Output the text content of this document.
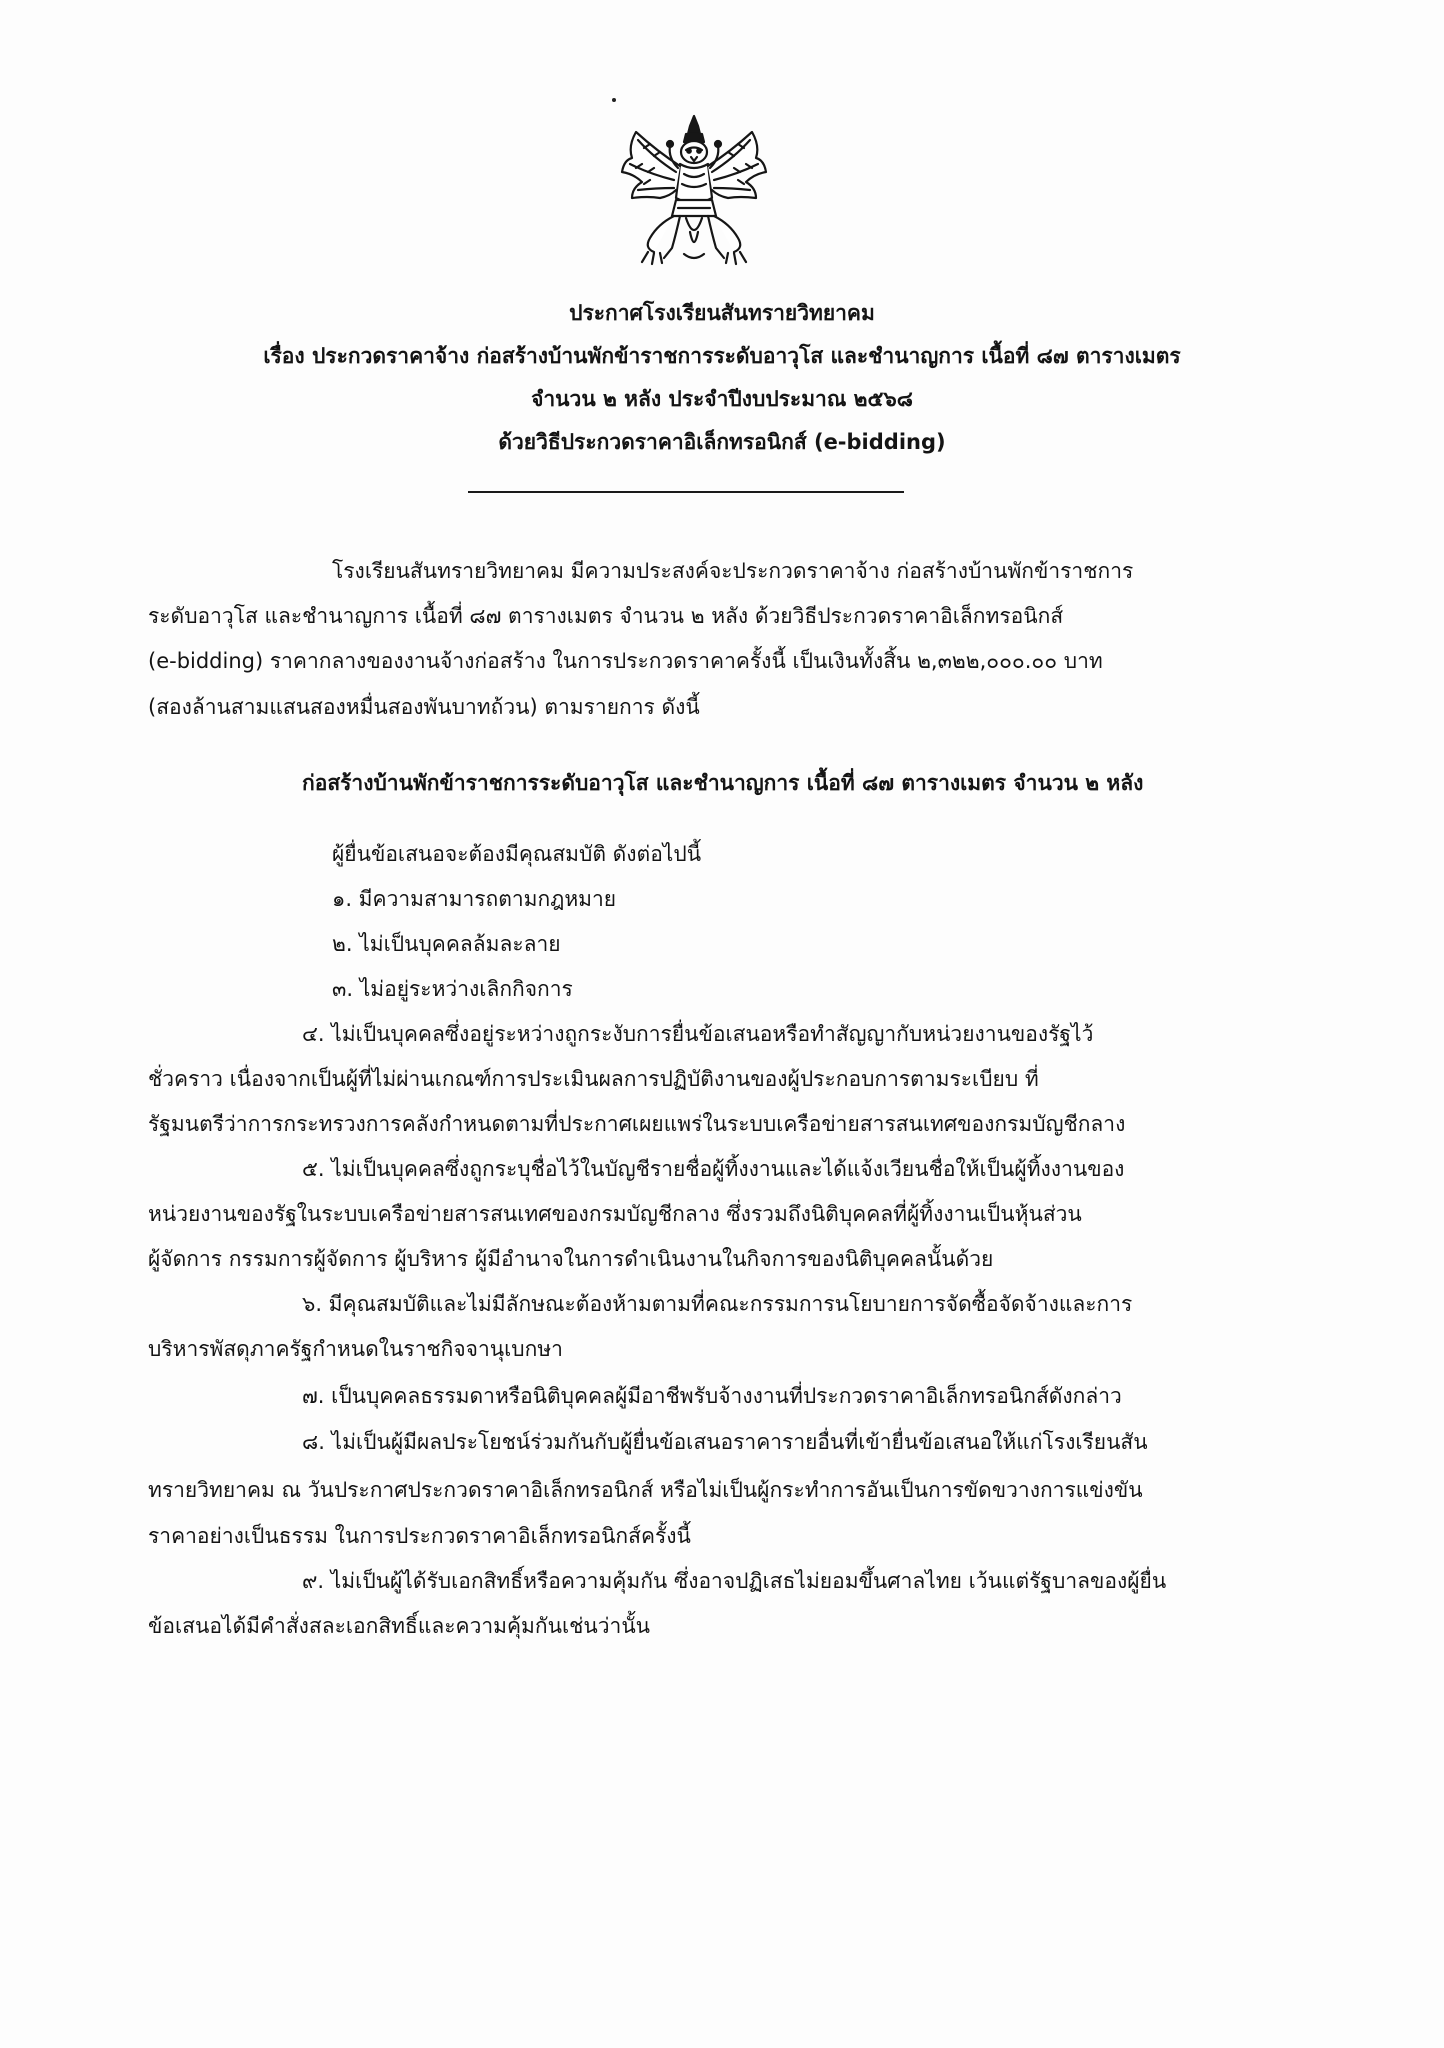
ประกาศโรงเรียนสันทรายวิทยาคม
เรื่อง ประกวดราคาจ้าง ก่อสร้างบ้านพักข้าราชการระดับอาวุโส และชำนาญการ เนื้อที่ ๘๗ ตารางเมตร
จำนวน ๒ หลัง ประจำปีงบประมาณ ๒๕๖๘
ด้วยวิธีประกวดราคาอิเล็กทรอนิกส์ (e-bidding)
โรงเรียนสันทรายวิทยาคม มีความประสงค์จะประกวดราคาจ้าง ก่อสร้างบ้านพักข้าราชการ
ระดับอาวุโส และชำนาญการ เนื้อที่ ๘๗ ตารางเมตร จำนวน ๒ หลัง ด้วยวิธีประกวดราคาอิเล็กทรอนิกส์
(e-bidding) ราคากลางของงานจ้างก่อสร้าง ในการประกวดราคาครั้งนี้ เป็นเงินทั้งสิ้น ๒,๓๒๒,๐๐๐.๐๐ บาท
(สองล้านสามแสนสองหมื่นสองพันบาทถ้วน) ตามรายการ ดังนี้
ก่อสร้างบ้านพักข้าราชการระดับอาวุโส และชำนาญการ เนื้อที่ ๘๗ ตารางเมตร จำนวน ๒ หลัง
ผู้ยื่นข้อเสนอจะต้องมีคุณสมบัติ ดังต่อไปนี้
๑. มีความสามารถตามกฎหมาย
๒. ไม่เป็นบุคคลล้มละลาย
๓. ไม่อยู่ระหว่างเลิกกิจการ
๔. ไม่เป็นบุคคลซึ่งอยู่ระหว่างถูกระงับการยื่นข้อเสนอหรือทำสัญญากับหน่วยงานของรัฐไว้
ชั่วคราว เนื่องจากเป็นผู้ที่ไม่ผ่านเกณฑ์การประเมินผลการปฏิบัติงานของผู้ประกอบการตามระเบียบ ที่
รัฐมนตรีว่าการกระทรวงการคลังกำหนดตามที่ประกาศเผยแพร่ในระบบเครือข่ายสารสนเทศของกรมบัญชีกลาง
๕. ไม่เป็นบุคคลซึ่งถูกระบุชื่อไว้ในบัญชีรายชื่อผู้ทิ้งงานและได้แจ้งเวียนชื่อให้เป็นผู้ทิ้งงานของ
หน่วยงานของรัฐในระบบเครือข่ายสารสนเทศของกรมบัญชีกลาง ซึ่งรวมถึงนิติบุคคลที่ผู้ทิ้งงานเป็นหุ้นส่วน
ผู้จัดการ กรรมการผู้จัดการ ผู้บริหาร ผู้มีอำนาจในการดำเนินงานในกิจการของนิติบุคคลนั้นด้วย
๖. มีคุณสมบัติและไม่มีลักษณะต้องห้ามตามที่คณะกรรมการนโยบายการจัดซื้อจัดจ้างและการ
บริหารพัสดุภาครัฐกำหนดในราชกิจจานุเบกษา
๗. เป็นบุคคลธรรมดาหรือนิติบุคคลผู้มีอาชีพรับจ้างงานที่ประกวดราคาอิเล็กทรอนิกส์ดังกล่าว
๘. ไม่เป็นผู้มีผลประโยชน์ร่วมกันกับผู้ยื่นข้อเสนอราคารายอื่นที่เข้ายื่นข้อเสนอให้แก่โรงเรียนสัน
ทรายวิทยาคม ณ วันประกาศประกวดราคาอิเล็กทรอนิกส์ หรือไม่เป็นผู้กระทำการอันเป็นการขัดขวางการแข่งขัน
ราคาอย่างเป็นธรรม ในการประกวดราคาอิเล็กทรอนิกส์ครั้งนี้
๙. ไม่เป็นผู้ได้รับเอกสิทธิ์หรือความคุ้มกัน ซึ่งอาจปฏิเสธไม่ยอมขึ้นศาลไทย เว้นแต่รัฐบาลของผู้ยื่น
ข้อเสนอได้มีคำสั่งสละเอกสิทธิ์และความคุ้มกันเช่นว่านั้น
